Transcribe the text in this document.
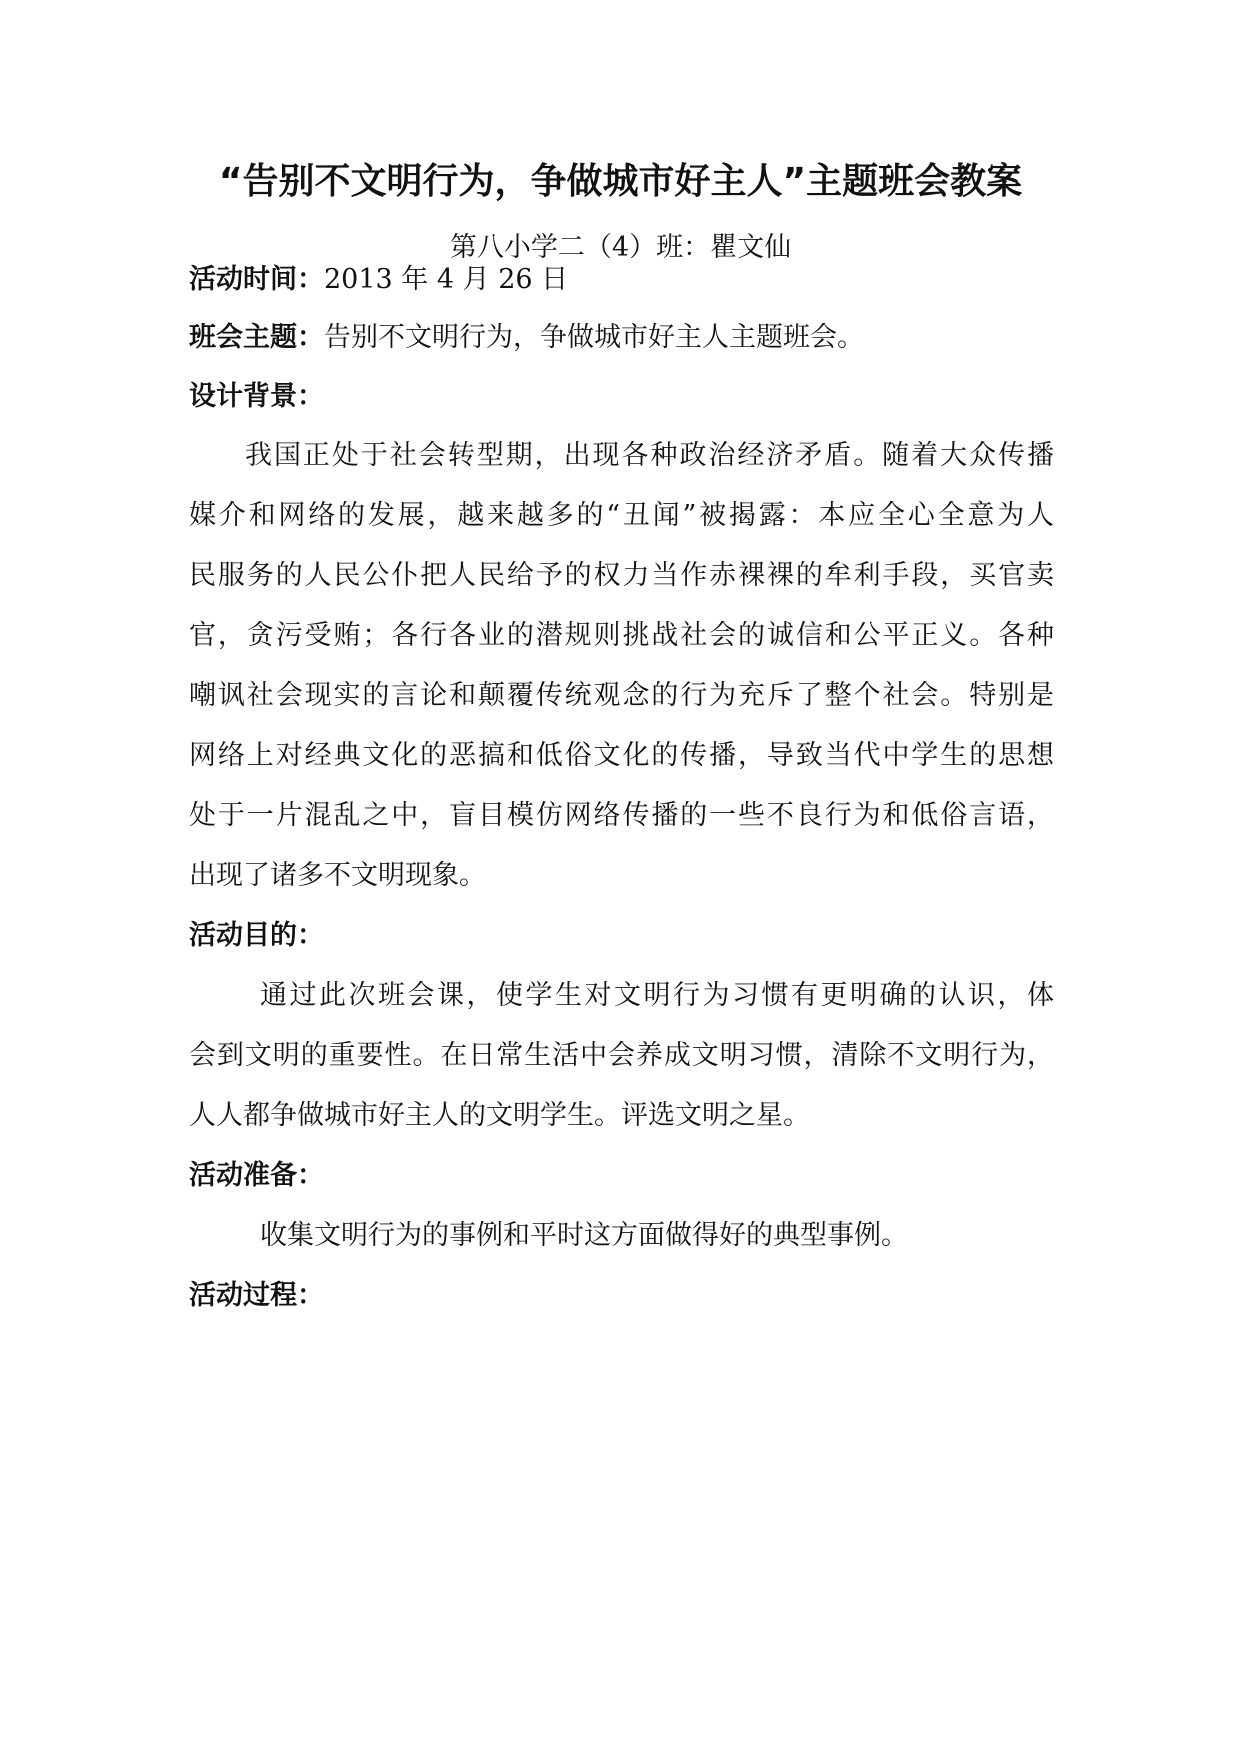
“告别不文明行为，争做城市好主人”主题班会教案
第八小学二（4）班：瞿文仙
活动时间：2013 年 4 月 26 日
班会主题：告别不文明行为，争做城市好主人主题班会。
设计背景：
我国正处于社会转型期，出现各种政治经济矛盾。随着大众传播
媒介和网络的发展，越来越多的“丑闻”被揭露：本应全心全意为人
民服务的人民公仆把人民给予的权力当作赤裸裸的牟利手段，买官卖
官，贪污受贿；各行各业的潜规则挑战社会的诚信和公平正义。各种
嘲讽社会现实的言论和颠覆传统观念的行为充斥了整个社会。特别是
网络上对经典文化的恶搞和低俗文化的传播，导致当代中学生的思想
处于一片混乱之中，盲目模仿网络传播的一些不良行为和低俗言语，
出现了诸多不文明现象。
活动目的：
通过此次班会课，使学生对文明行为习惯有更明确的认识，体
会到文明的重要性。在日常生活中会养成文明习惯，清除不文明行为，
人人都争做城市好主人的文明学生。评选文明之星。
活动准备：
收集文明行为的事例和平时这方面做得好的典型事例。
活动过程：
